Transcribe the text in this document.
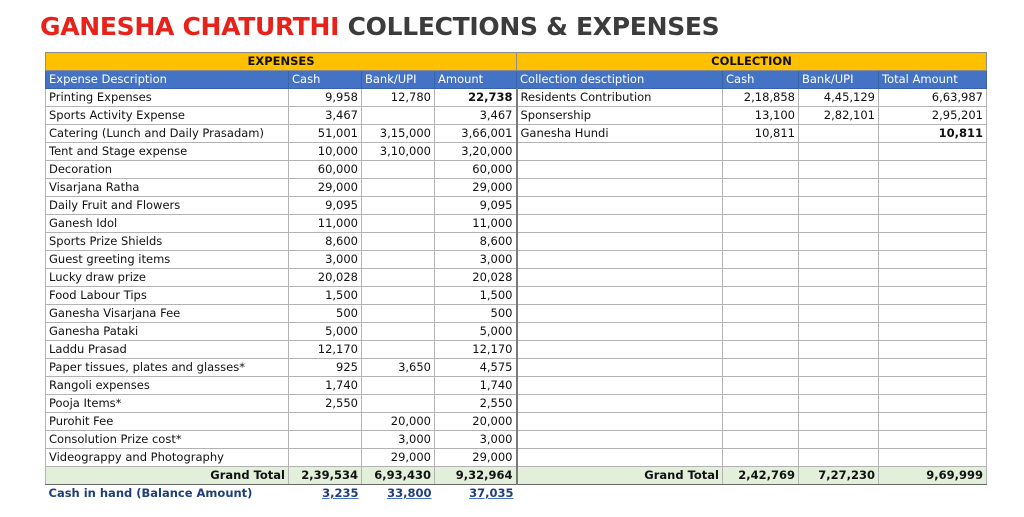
GANESHA CHATURTHI COLLECTIONS & EXPENSES
EXPENSES				COLLECTION			
Expense Description	Cash	Bank/UPI	Amount	Collection desctiption	Cash	Bank/UPI	Total Amount
Printing Expenses	9,958	12,780	22,738	Residents Contribution	2,18,858	4,45,129	6,63,987
Sports Activity Expense	3,467		3,467	Sponsership	13,100	2,82,101	2,95,201
Catering (Lunch and Daily Prasadam)	51,001	3,15,000	3,66,001	Ganesha Hundi	10,811		10,811
Tent and Stage expense	10,000	3,10,000	3,20,000				
Decoration	60,000		60,000				
Visarjana Ratha	29,000		29,000				
Daily Fruit and Flowers	9,095		9,095				
Ganesh Idol	11,000		11,000				
Sports Prize Shields	8,600		8,600				
Guest greeting items	3,000		3,000				
Lucky draw prize	20,028		20,028				
Food Labour Tips	1,500		1,500				
Ganesha Visarjana Fee	500		500				
Ganesha Pataki	5,000		5,000				
Laddu Prasad	12,170		12,170				
Paper tissues, plates and glasses*	925	3,650	4,575				
Rangoli expenses	1,740		1,740				
Pooja Items*	2,550		2,550				
Purohit Fee		20,000	20,000				
Consolution Prize cost*		3,000	3,000				
Videograppy and Photography		29,000	29,000				
Grand Total	2,39,534	6,93,430	9,32,964	Grand Total	2,42,769	7,27,230	9,69,999
Cash in hand (Balance Amount)	3,235	33,800	37,035				
